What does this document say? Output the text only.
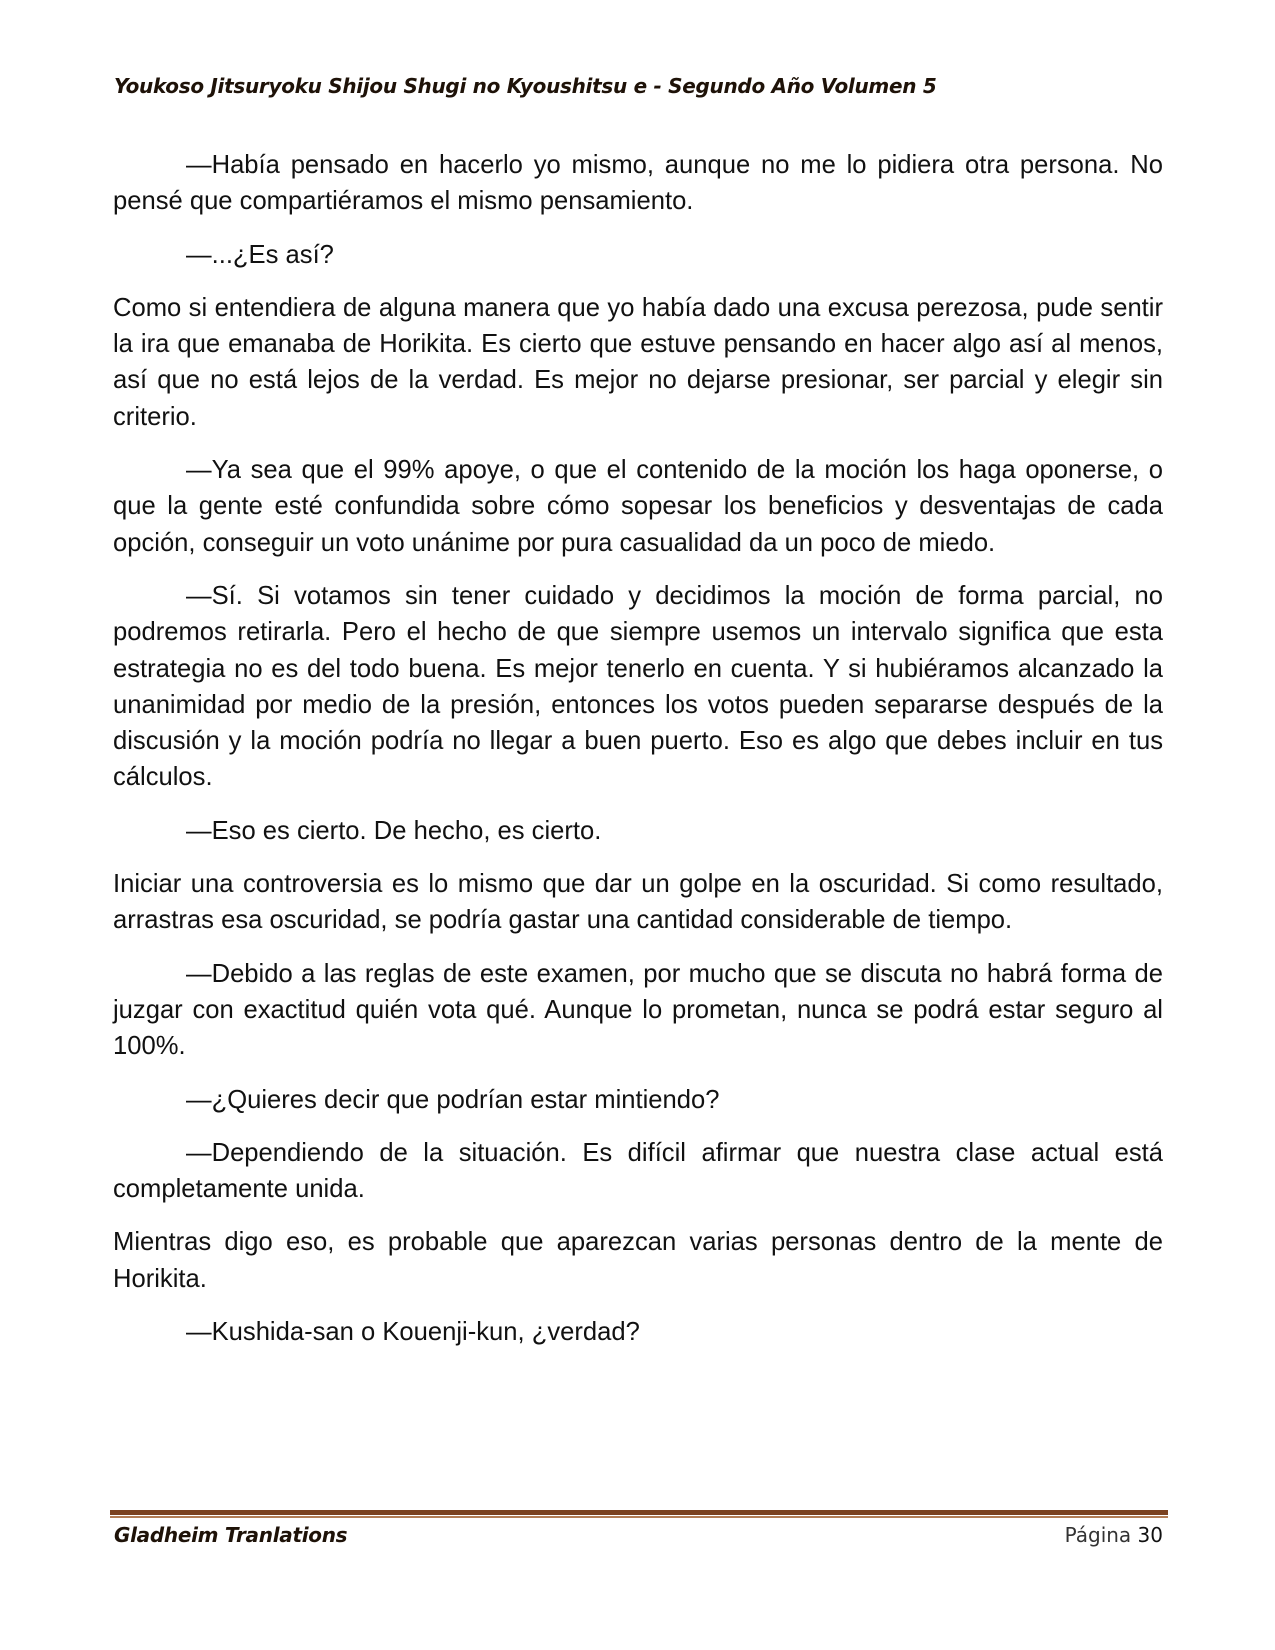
Youkoso Jitsuryoku Shijou Shugi no Kyoushitsu e - Segundo Año Volumen 5

—Había pensado en hacerlo yo mismo, aunque no me lo pidiera otra persona. No pensé que compartiéramos el mismo pensamiento.

—...¿Es así?

Como si entendiera de alguna manera que yo había dado una excusa perezosa, pude sentir la ira que emanaba de Horikita. Es cierto que estuve pensando en hacer algo así al menos, así que no está lejos de la verdad. Es mejor no dejarse presionar, ser parcial y elegir sin criterio.

—Ya sea que el 99% apoye, o que el contenido de la moción los haga oponerse, o que la gente esté confundida sobre cómo sopesar los beneficios y desventajas de cada opción, conseguir un voto unánime por pura casualidad da un poco de miedo.

—Sí. Si votamos sin tener cuidado y decidimos la moción de forma parcial, no podremos retirarla. Pero el hecho de que siempre usemos un intervalo significa que esta estrategia no es del todo buena. Es mejor tenerlo en cuenta. Y si hubiéramos alcanzado la unanimidad por medio de la presión, entonces los votos pueden separarse después de la discusión y la moción podría no llegar a buen puerto. Eso es algo que debes incluir en tus cálculos.

—Eso es cierto. De hecho, es cierto.

Iniciar una controversia es lo mismo que dar un golpe en la oscuridad. Si como resultado, arrastras esa oscuridad, se podría gastar una cantidad considerable de tiempo.

—Debido a las reglas de este examen, por mucho que se discuta no habrá forma de juzgar con exactitud quién vota qué. Aunque lo prometan, nunca se podrá estar seguro al 100%.

—¿Quieres decir que podrían estar mintiendo?

—Dependiendo de la situación. Es difícil afirmar que nuestra clase actual está completamente unida.

Mientras digo eso, es probable que aparezcan varias personas dentro de la mente de Horikita.

—Kushida-san o Kouenji-kun, ¿verdad?

Gladheim Tranlations	Página 30
